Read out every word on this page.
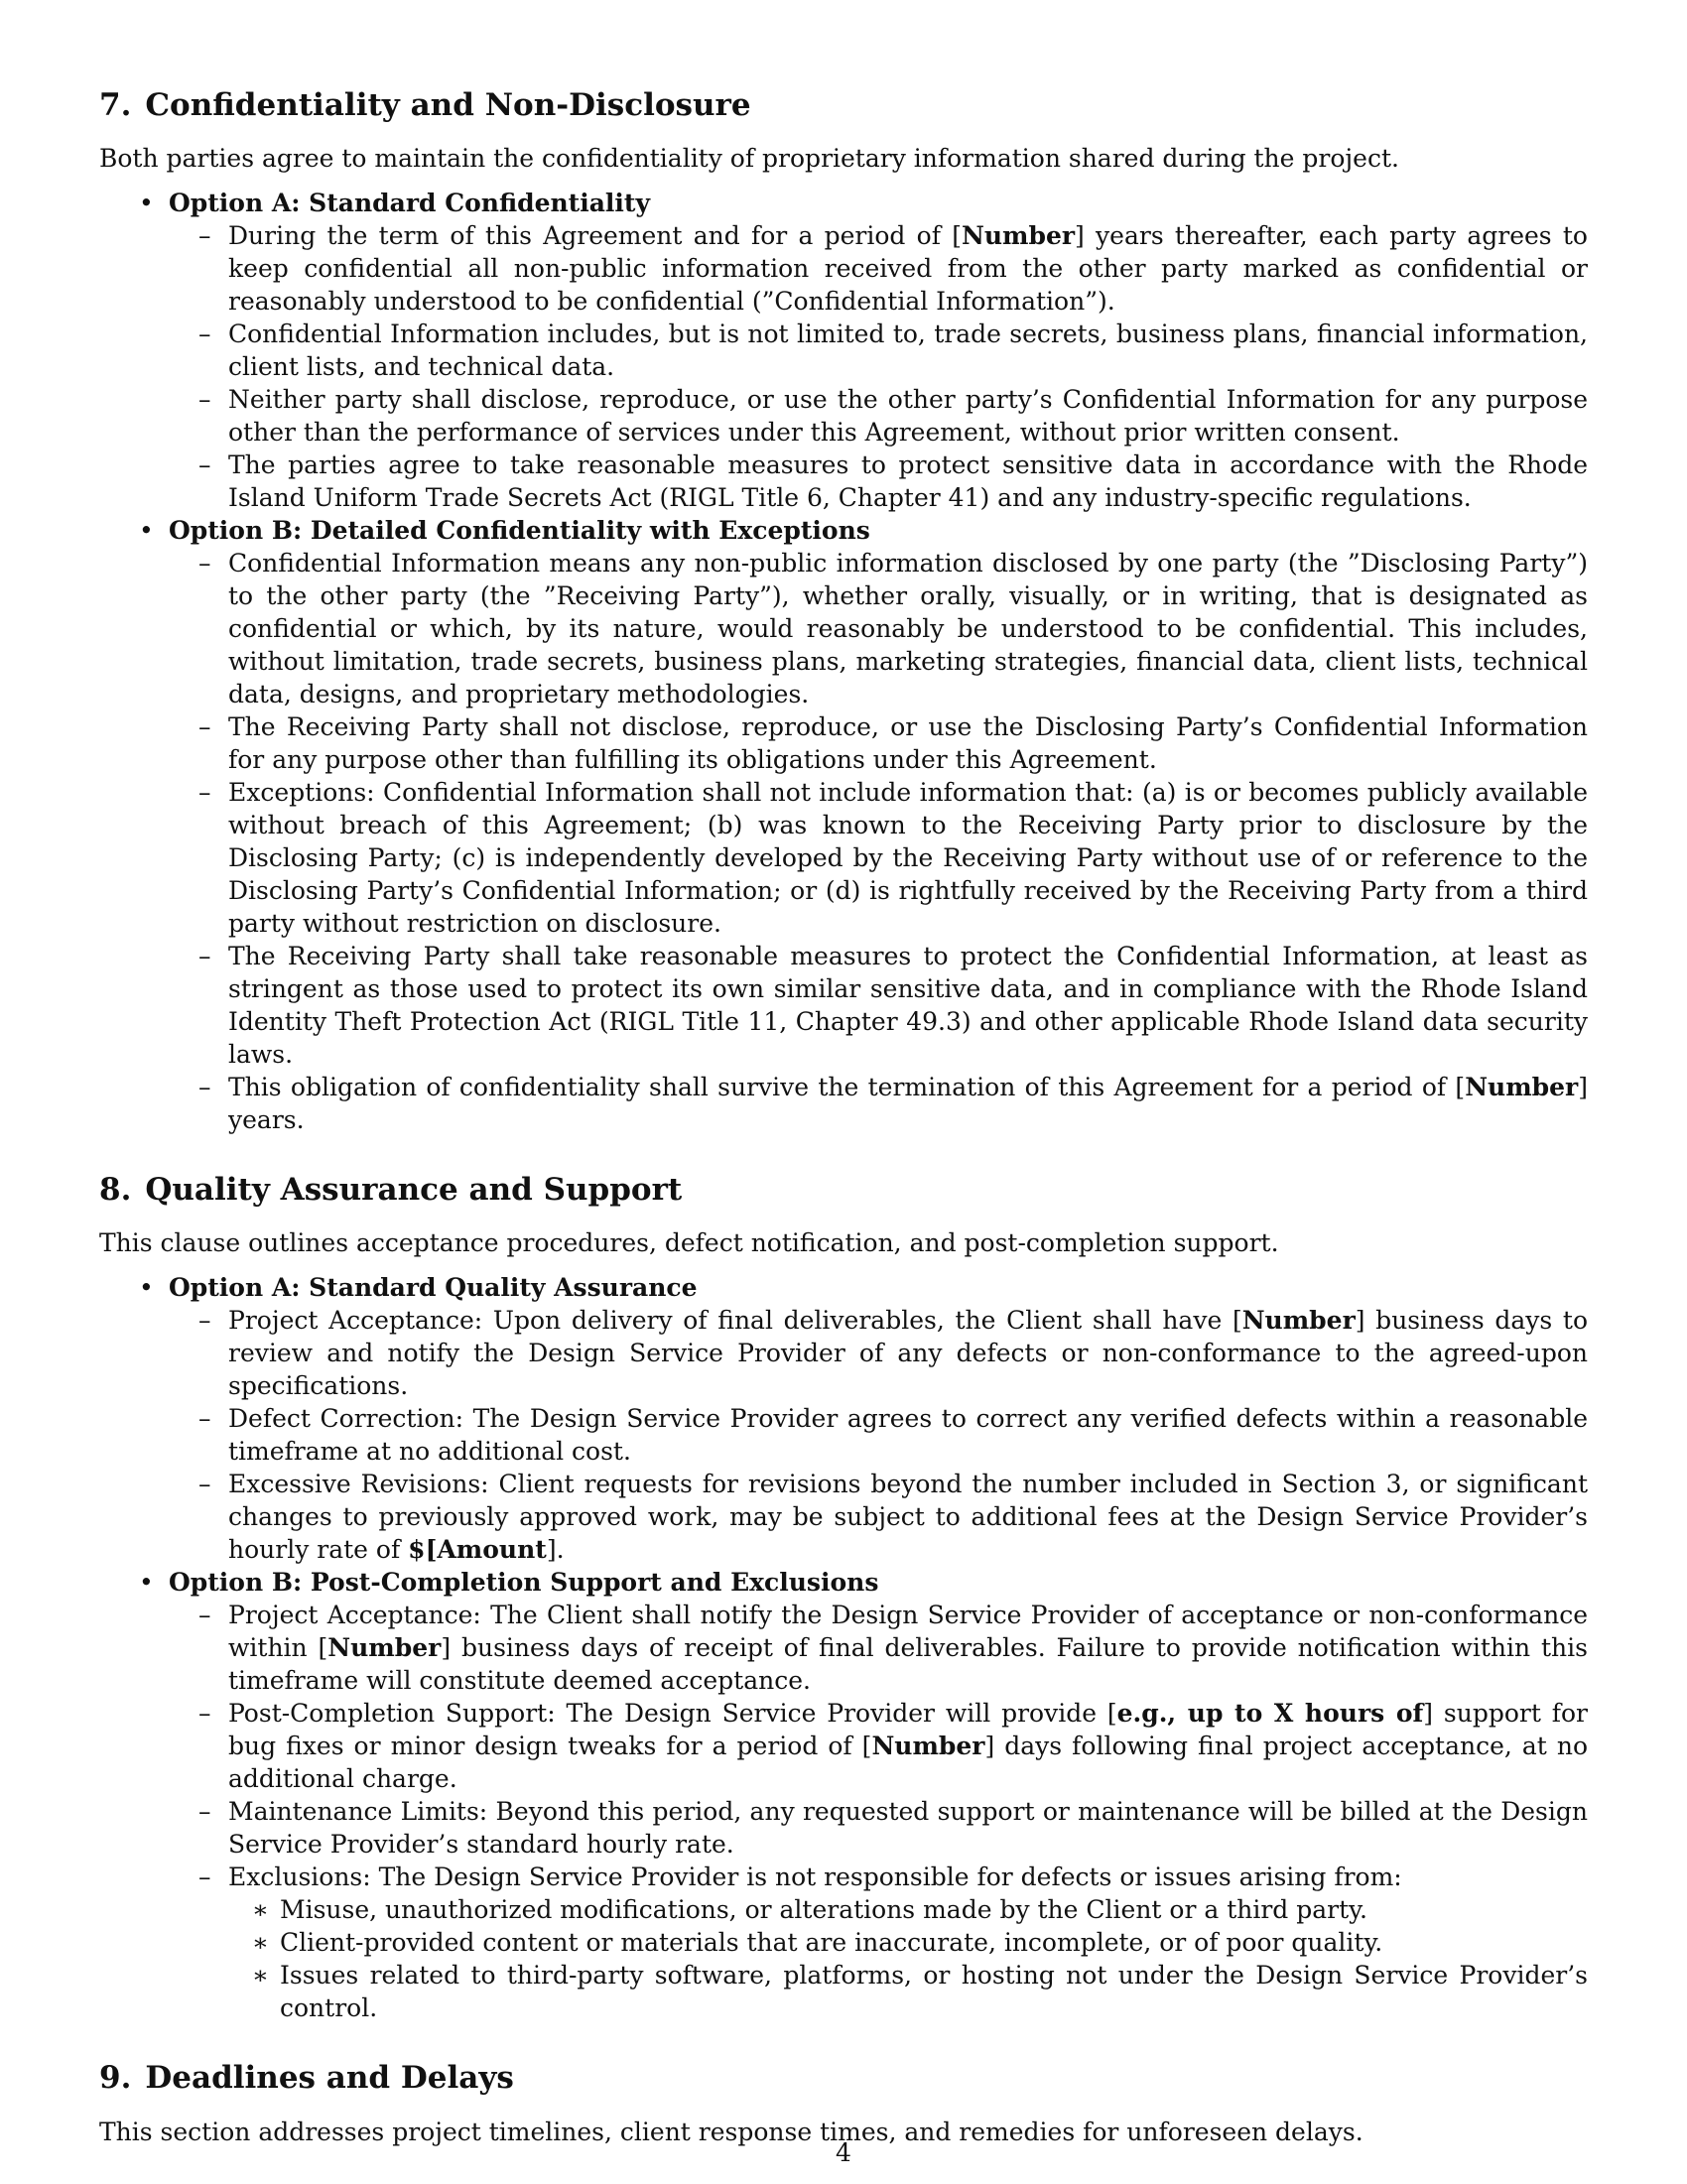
7. Confidentiality and Non-Disclosure

Both parties agree to maintain the confidentiality of proprietary information shared during the project.

• Option A: Standard Confidentiality
– During the term of this Agreement and for a period of [Number] years thereafter, each party agrees to keep confidential all non-public information received from the other party marked as confidential or reasonably understood to be confidential (”Confidential Information”).
– Confidential Information includes, but is not limited to, trade secrets, business plans, financial information, client lists, and technical data.
– Neither party shall disclose, reproduce, or use the other party’s Confidential Information for any purpose other than the performance of services under this Agreement, without prior written consent.
– The parties agree to take reasonable measures to protect sensitive data in accordance with the Rhode Island Uniform Trade Secrets Act (RIGL Title 6, Chapter 41) and any industry-specific regulations.
• Option B: Detailed Confidentiality with Exceptions
– Confidential Information means any non-public information disclosed by one party (the ”Disclosing Party”) to the other party (the ”Receiving Party”), whether orally, visually, or in writing, that is designated as confidential or which, by its nature, would reasonably be understood to be confidential. This includes, without limitation, trade secrets, business plans, marketing strategies, financial data, client lists, technical data, designs, and proprietary methodologies.
– The Receiving Party shall not disclose, reproduce, or use the Disclosing Party’s Confidential Information for any purpose other than fulfilling its obligations under this Agreement.
– Exceptions: Confidential Information shall not include information that: (a) is or becomes publicly available without breach of this Agreement; (b) was known to the Receiving Party prior to disclosure by the Disclosing Party; (c) is independently developed by the Receiving Party without use of or reference to the Disclosing Party’s Confidential Information; or (d) is rightfully received by the Receiving Party from a third party without restriction on disclosure.
– The Receiving Party shall take reasonable measures to protect the Confidential Information, at least as stringent as those used to protect its own similar sensitive data, and in compliance with the Rhode Island Identity Theft Protection Act (RIGL Title 11, Chapter 49.3) and other applicable Rhode Island data security laws.
– This obligation of confidentiality shall survive the termination of this Agreement for a period of [Number] years.
8. Quality Assurance and Support

This clause outlines acceptance procedures, defect notification, and post-completion support.

• Option A: Standard Quality Assurance
– Project Acceptance: Upon delivery of final deliverables, the Client shall have [Number] business days to review and notify the Design Service Provider of any defects or non-conformance to the agreed-upon specifications.
– Defect Correction: The Design Service Provider agrees to correct any verified defects within a reasonable timeframe at no additional cost.
– Excessive Revisions: Client requests for revisions beyond the number included in Section 3, or significant changes to previously approved work, may be subject to additional fees at the Design Service Provider’s hourly rate of $[Amount].
• Option B: Post-Completion Support and Exclusions
– Project Acceptance: The Client shall notify the Design Service Provider of acceptance or non-conformance within [Number] business days of receipt of final deliverables. Failure to provide notification within this timeframe will constitute deemed acceptance.
– Post-Completion Support: The Design Service Provider will provide [e.g., up to X hours of] support for bug fixes or minor design tweaks for a period of [Number] days following final project acceptance, at no additional charge.
– Maintenance Limits: Beyond this period, any requested support or maintenance will be billed at the Design Service Provider’s standard hourly rate.
– Exclusions: The Design Service Provider is not responsible for defects or issues arising from:
∗ Misuse, unauthorized modifications, or alterations made by the Client or a third party.
∗ Client-provided content or materials that are inaccurate, incomplete, or of poor quality.
∗ Issues related to third-party software, platforms, or hosting not under the Design Service Provider’s control.
9. Deadlines and Delays

This section addresses project timelines, client response times, and remedies for unforeseen delays.

4
